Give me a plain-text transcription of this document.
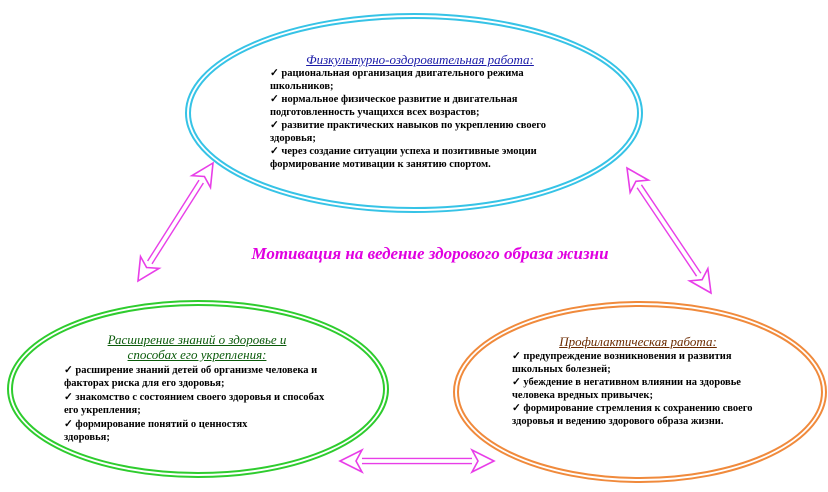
Физкультурно-оздоровительная работа:

✓ рациональная организация двигательного режима школьников;

✓ нормальное физическое развитие и двигательная подготовленность учащихся всех возрастов;

✓ развитие практических навыков по укреплению своего здоровья;

✓ через создание ситуации успеха и позитивные эмоции формирование мотивации к занятию спортом.

Мотивация на ведение здорового образа жизни
Расширение знаний о здоровье и
способах его укрепления:

✓ расширение знаний детей об организме человека и факторах риска для его здоровья;

✓ знакомство с состоянием своего здоровья и способах его укрепления;

✓ формирование понятий о ценностях здоровья;

Профилактическая работа:

✓ предупреждение возникновения и развития школьных болезней;

✓ убеждение в негативном влиянии на здоровье человека вредных привычек;

✓ формирование стремления к сохранению своего здоровья и ведению здорового образа жизни.
